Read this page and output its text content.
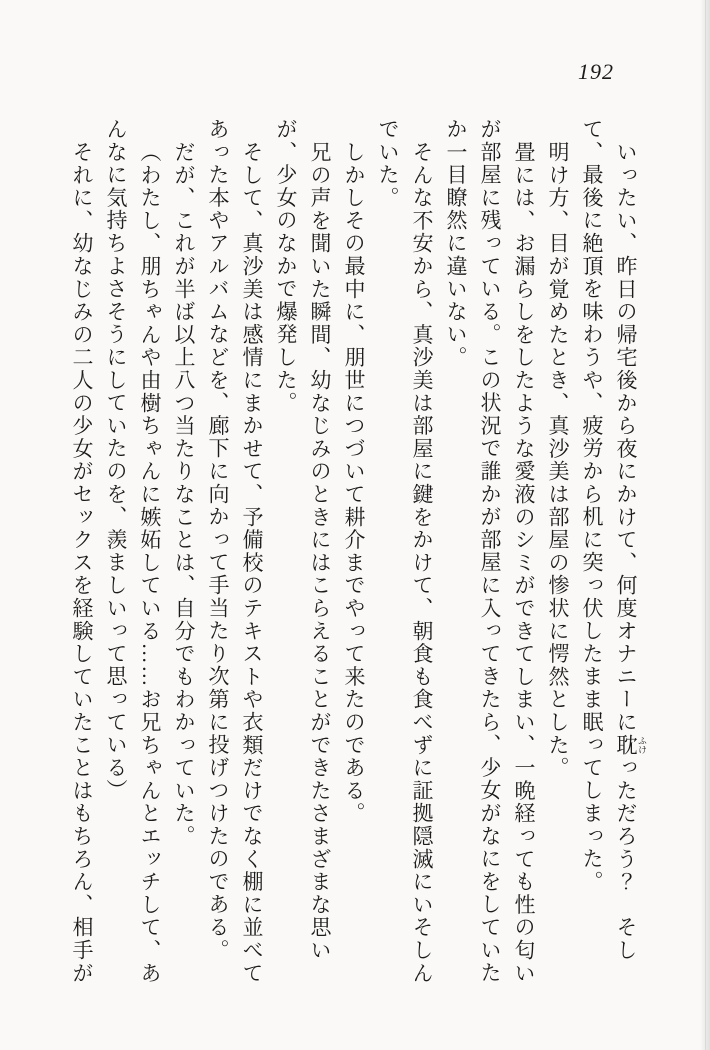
192

いったい、昨日の帰宅後から夜にかけて、何度オナニーに耽 ふけっただろう？　そして、最後に絶頂を味わうや、疲労から机に突っ伏したまま眠ってしまった。

明け方、目が覚めたとき、真沙美は部屋の惨状に愕然とした。

畳には、お漏らしをしたような愛液のシミができてしまい、一晩経っても性の匂いが部屋に残っている。この状況で誰かが部屋に入ってきたら、少女がなにをしていたか一目瞭然に違いない。

そんな不安から、真沙美は部屋に鍵をかけて、朝食も食べずに証拠隠滅にいそしんでいた。

しかしその最中に、朋世につづいて耕介までやって来たのである。

兄の声を聞いた瞬間、幼なじみのときにはこらえることができたさまざまな思いが、少女のなかで爆発した。

そして、真沙美は感情にまかせて、予備校のテキストや衣類だけでなく棚に並べてあった本やアルバムなどを、廊下に向かって手当たり次第に投げつけたのである。

だが、これが半ば以上八つ当たりなことは、自分でもわかっていた。

（わたし、朋ちゃんや由樹ちゃんに嫉妬している……お兄ちゃんとエッチして、あんなに気持ちよさそうにしていたのを、羨ましいって思っている）

それに、幼なじみの二人の少女がセックスを経験していたことはもちろん、相手が
